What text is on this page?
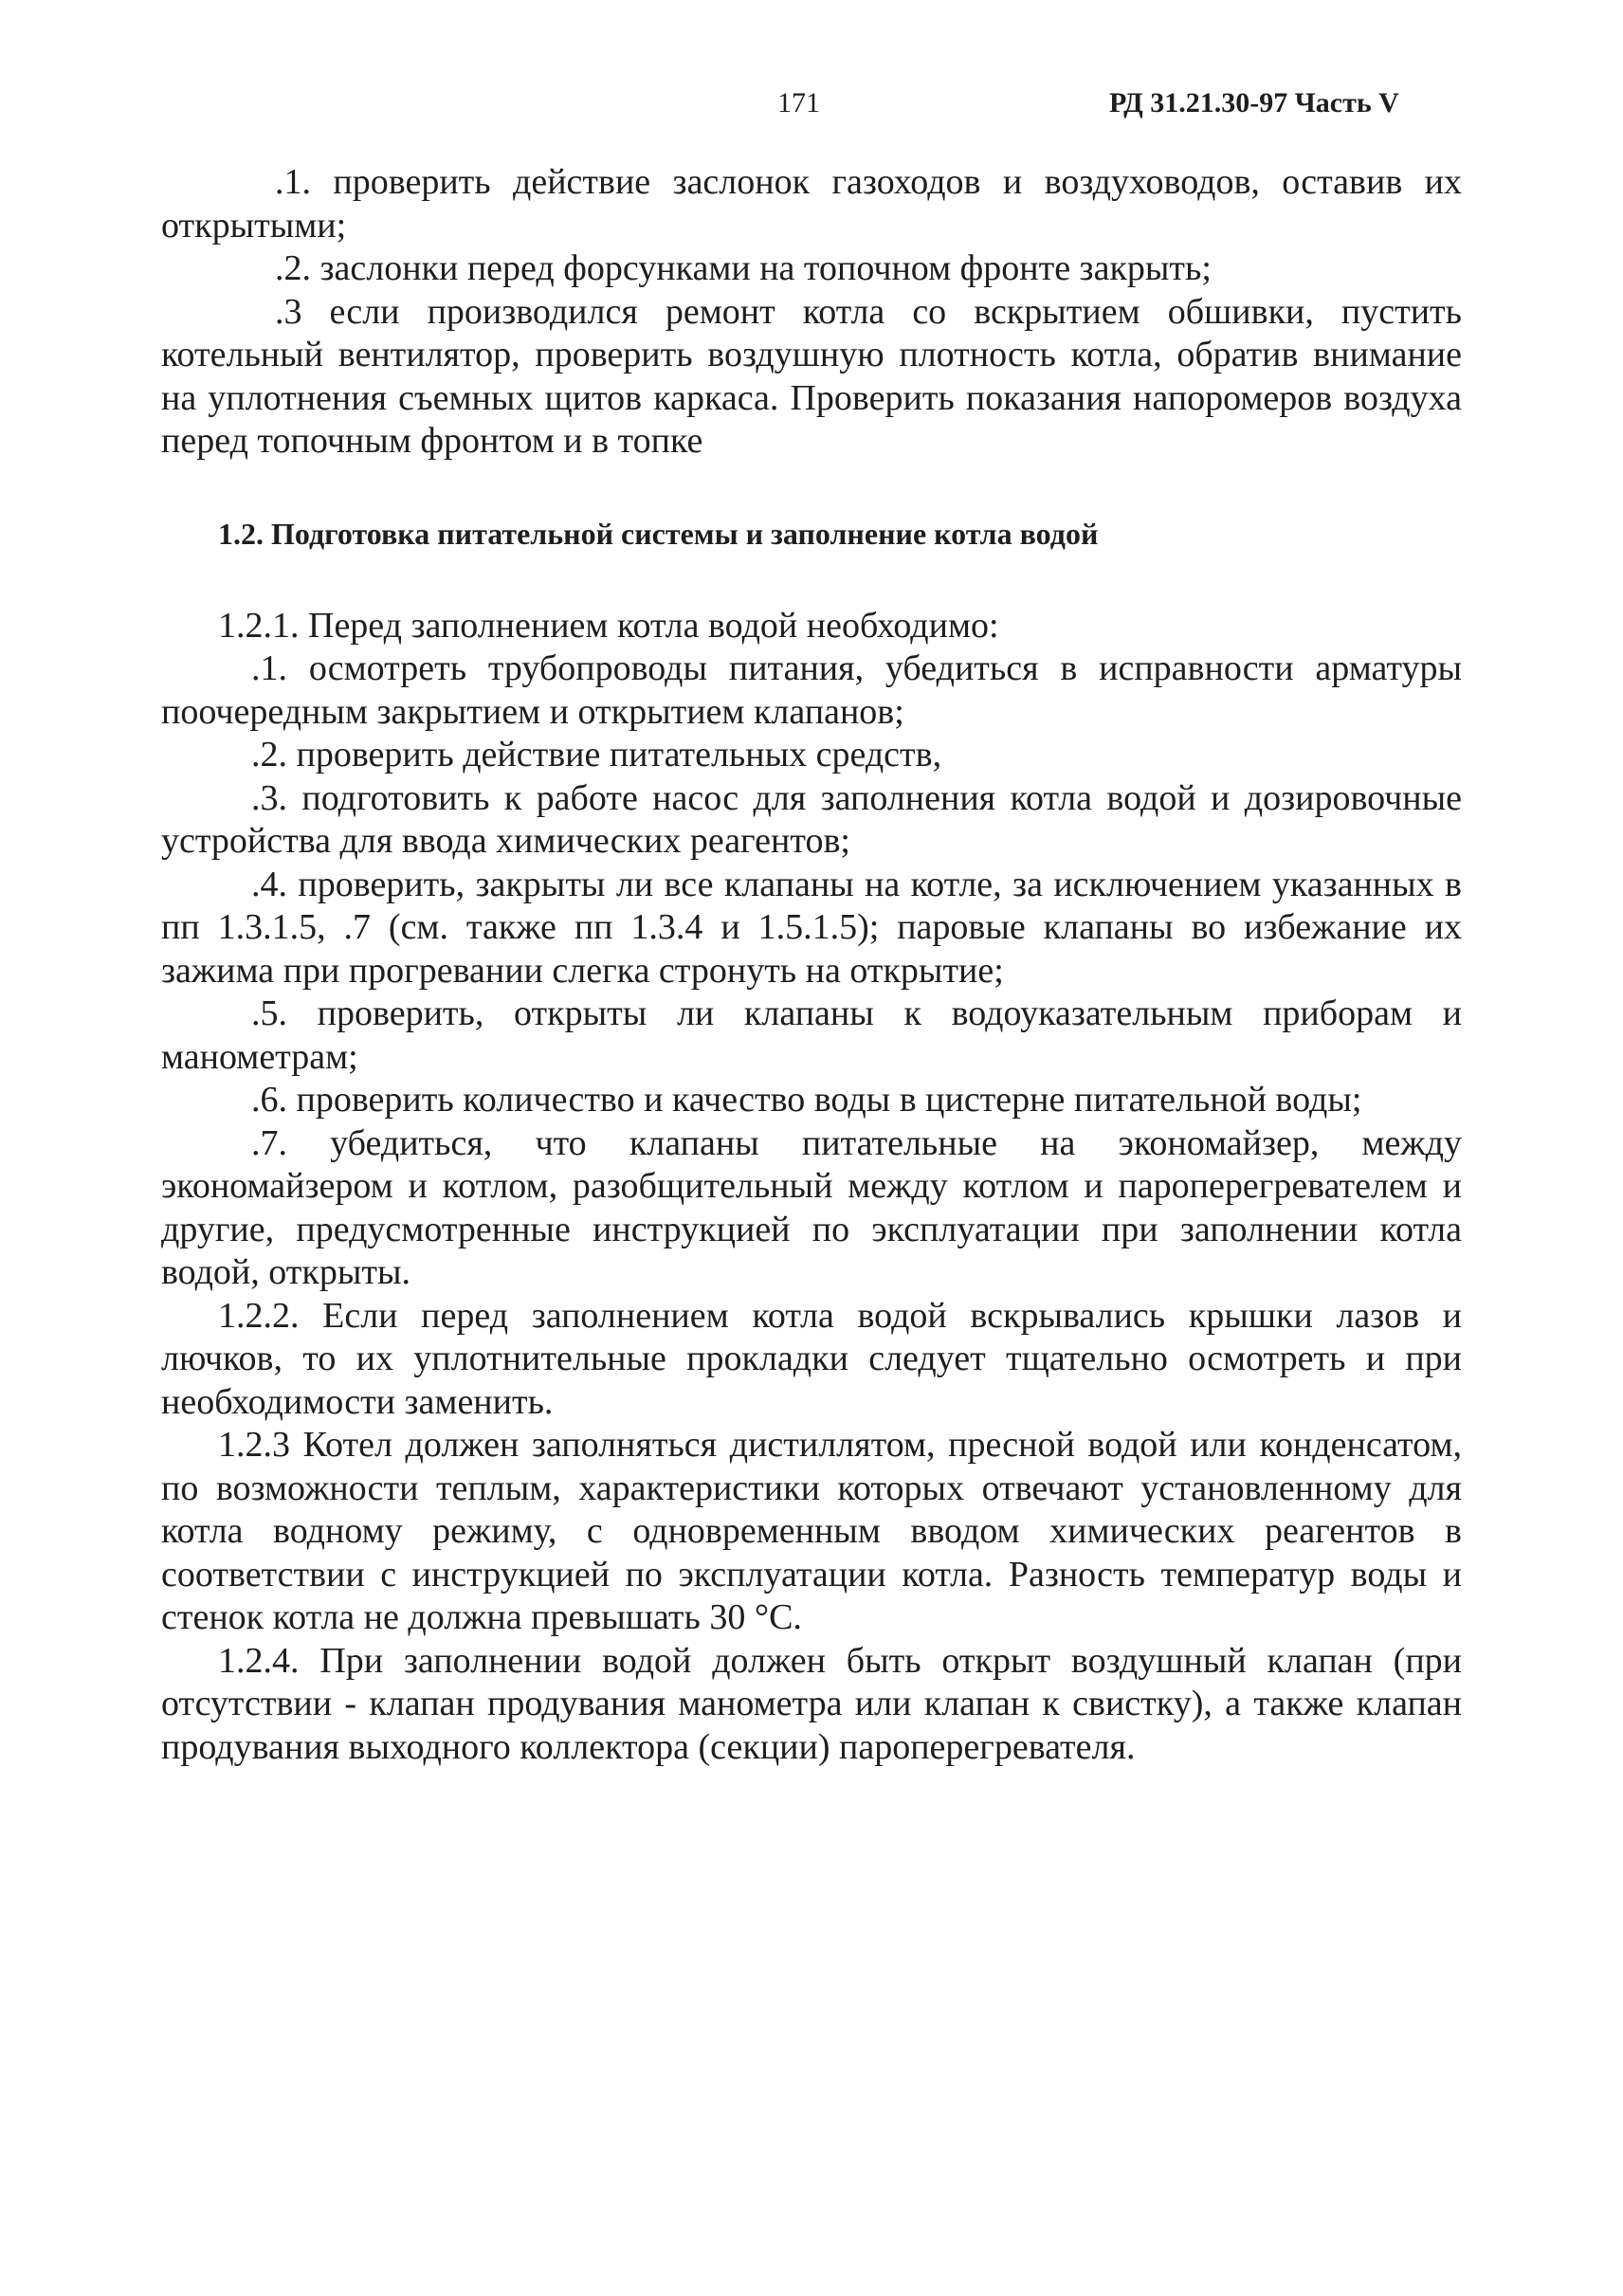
171	РД 31.21.30-97 Часть V

.1. проверить действие заслонок газоходов и воздуховодов, оставив их открытыми;

.2. заслонки перед форсунками на топочном фронте закрыть;

.3 если производился ремонт котла со вскрытием обшивки, пустить котельный вентилятор, проверить воздушную плотность котла, обратив внимание на уплотнения съемных щитов каркаса. Проверить показания напоромеров воздуха перед топочным фронтом и в топке

1.2. Подготовка питательной системы и заполнение котла водой

1.2.1. Перед заполнением котла водой необходимо:

.1. осмотреть трубопроводы питания, убедиться в исправности арматуры поочередным закрытием и открытием клапанов;

.2. проверить действие питательных средств,

.3. подготовить к работе насос для заполнения котла водой и дозировочные устройства для ввода химических реагентов;

.4. проверить, закрыты ли все клапаны на котле, за исключением указанных в пп 1.3.1.5, .7 (см. также пп 1.3.4 и 1.5.1.5); паровые клапаны во избежание их зажима при прогревании слегка стронуть на открытие;

.5. проверить, открыты ли клапаны к водоуказательным приборам и манометрам;

.6. проверить количество и качество воды в цистерне питательной воды;

.7. убедиться, что клапаны питательные на экономайзер, между экономайзером и котлом, разобщительный между котлом и пароперегревателем и другие, предусмотренные инструкцией по эксплуатации при заполнении котла водой, открыты.

1.2.2. Если перед заполнением котла водой вскрывались крышки лазов и лючков, то их уплотнительные прокладки следует тщательно осмотреть и при необходимости заменить.

1.2.3 Котел должен заполняться дистиллятом, пресной водой или конденсатом, по возможности теплым, характеристики которых отвечают установленному для котла водному режиму, с одновременным вводом химических реагентов в соответствии с инструкцией по эксплуатации котла. Разность температур воды и стенок котла не должна превышать 30 °С.

1.2.4. При заполнении водой должен быть открыт воздушный клапан (при отсутствии - клапан продувания манометра или клапан к свистку), а также клапан продувания выходного коллектора (секции) пароперегревателя.
